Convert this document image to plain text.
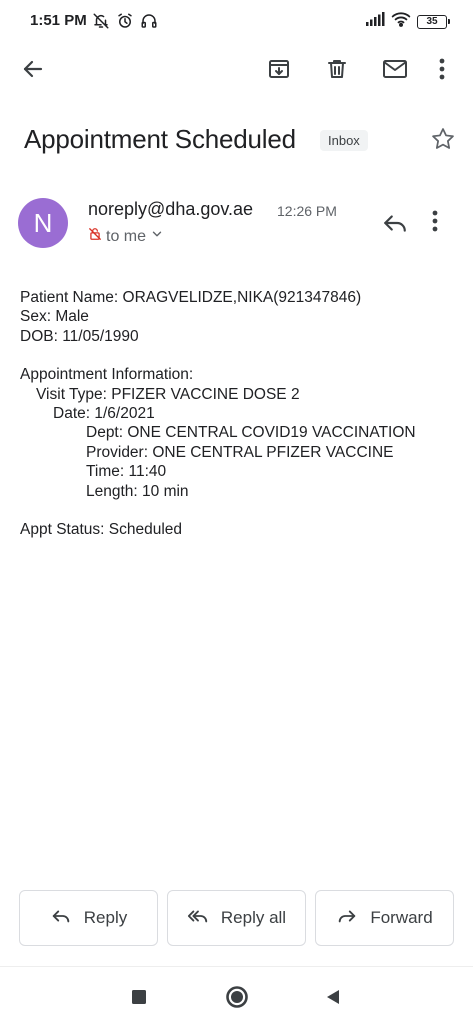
1:51 PM	35
Appointment Scheduled	Inbox
N	noreply@dha.gov.ae 12:26 PM
to me
Patient Name: ORAGVELIDZE,NIKA(921347846)
Sex: Male
DOB: 11/05/1990
Appointment Information:
Visit Type: PFIZER VACCINE DOSE 2
Date: 1/6/2021
Dept: ONE CENTRAL COVID19 VACCINATION
Provider: ONE CENTRAL PFIZER VACCINE
Time: 11:40
Length: 10 min
Appt Status: Scheduled
Reply	Reply all	Forward
